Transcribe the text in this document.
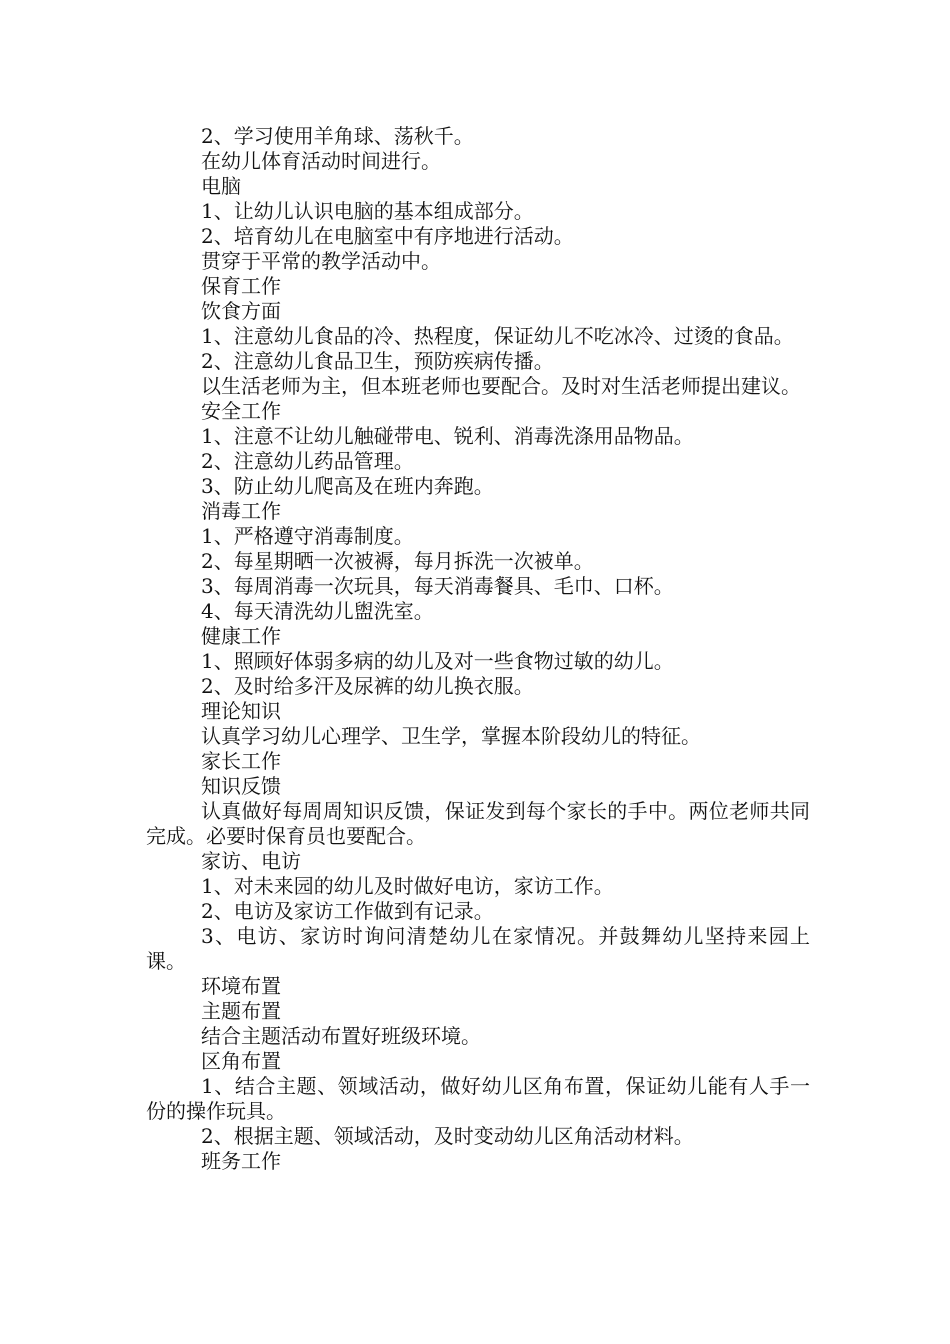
2、学习使用羊角球、荡秋千。

在幼儿体育活动时间进行。

电脑

1、让幼儿认识电脑的基本组成部分。

2、培育幼儿在电脑室中有序地进行活动。

贯穿于平常的教学活动中。

保育工作

饮食方面

1、注意幼儿食品的冷、热程度，保证幼儿不吃冰冷、过烫的食品。

2、注意幼儿食品卫生，预防疾病传播。

以生活老师为主，但本班老师也要配合。及时对生活老师提出建议。

安全工作

1、注意不让幼儿触碰带电、锐利、消毒洗涤用品物品。

2、注意幼儿药品管理。

3、防止幼儿爬高及在班内奔跑。

消毒工作

1、严格遵守消毒制度。

2、每星期晒一次被褥，每月拆洗一次被单。

3、每周消毒一次玩具，每天消毒餐具、毛巾、口杯。

4、每天清洗幼儿盥洗室。

健康工作

1、照顾好体弱多病的幼儿及对一些食物过敏的幼儿。

2、及时给多汗及尿裤的幼儿换衣服。

理论知识

认真学习幼儿心理学、卫生学，掌握本阶段幼儿的特征。

家长工作

知识反馈

认真做好每周周知识反馈，保证发到每个家长的手中。两位老师共同完成。必要时保育员也要配合。

家访、电访

1、对未来园的幼儿及时做好电访，家访工作。

2、电访及家访工作做到有记录。

3、电访、家访时询问清楚幼儿在家情况。并鼓舞幼儿坚持来园上课。

环境布置

主题布置

结合主题活动布置好班级环境。

区角布置

1、结合主题、领域活动，做好幼儿区角布置，保证幼儿能有人手一份的操作玩具。

2、根据主题、领域活动，及时变动幼儿区角活动材料。

班务工作
